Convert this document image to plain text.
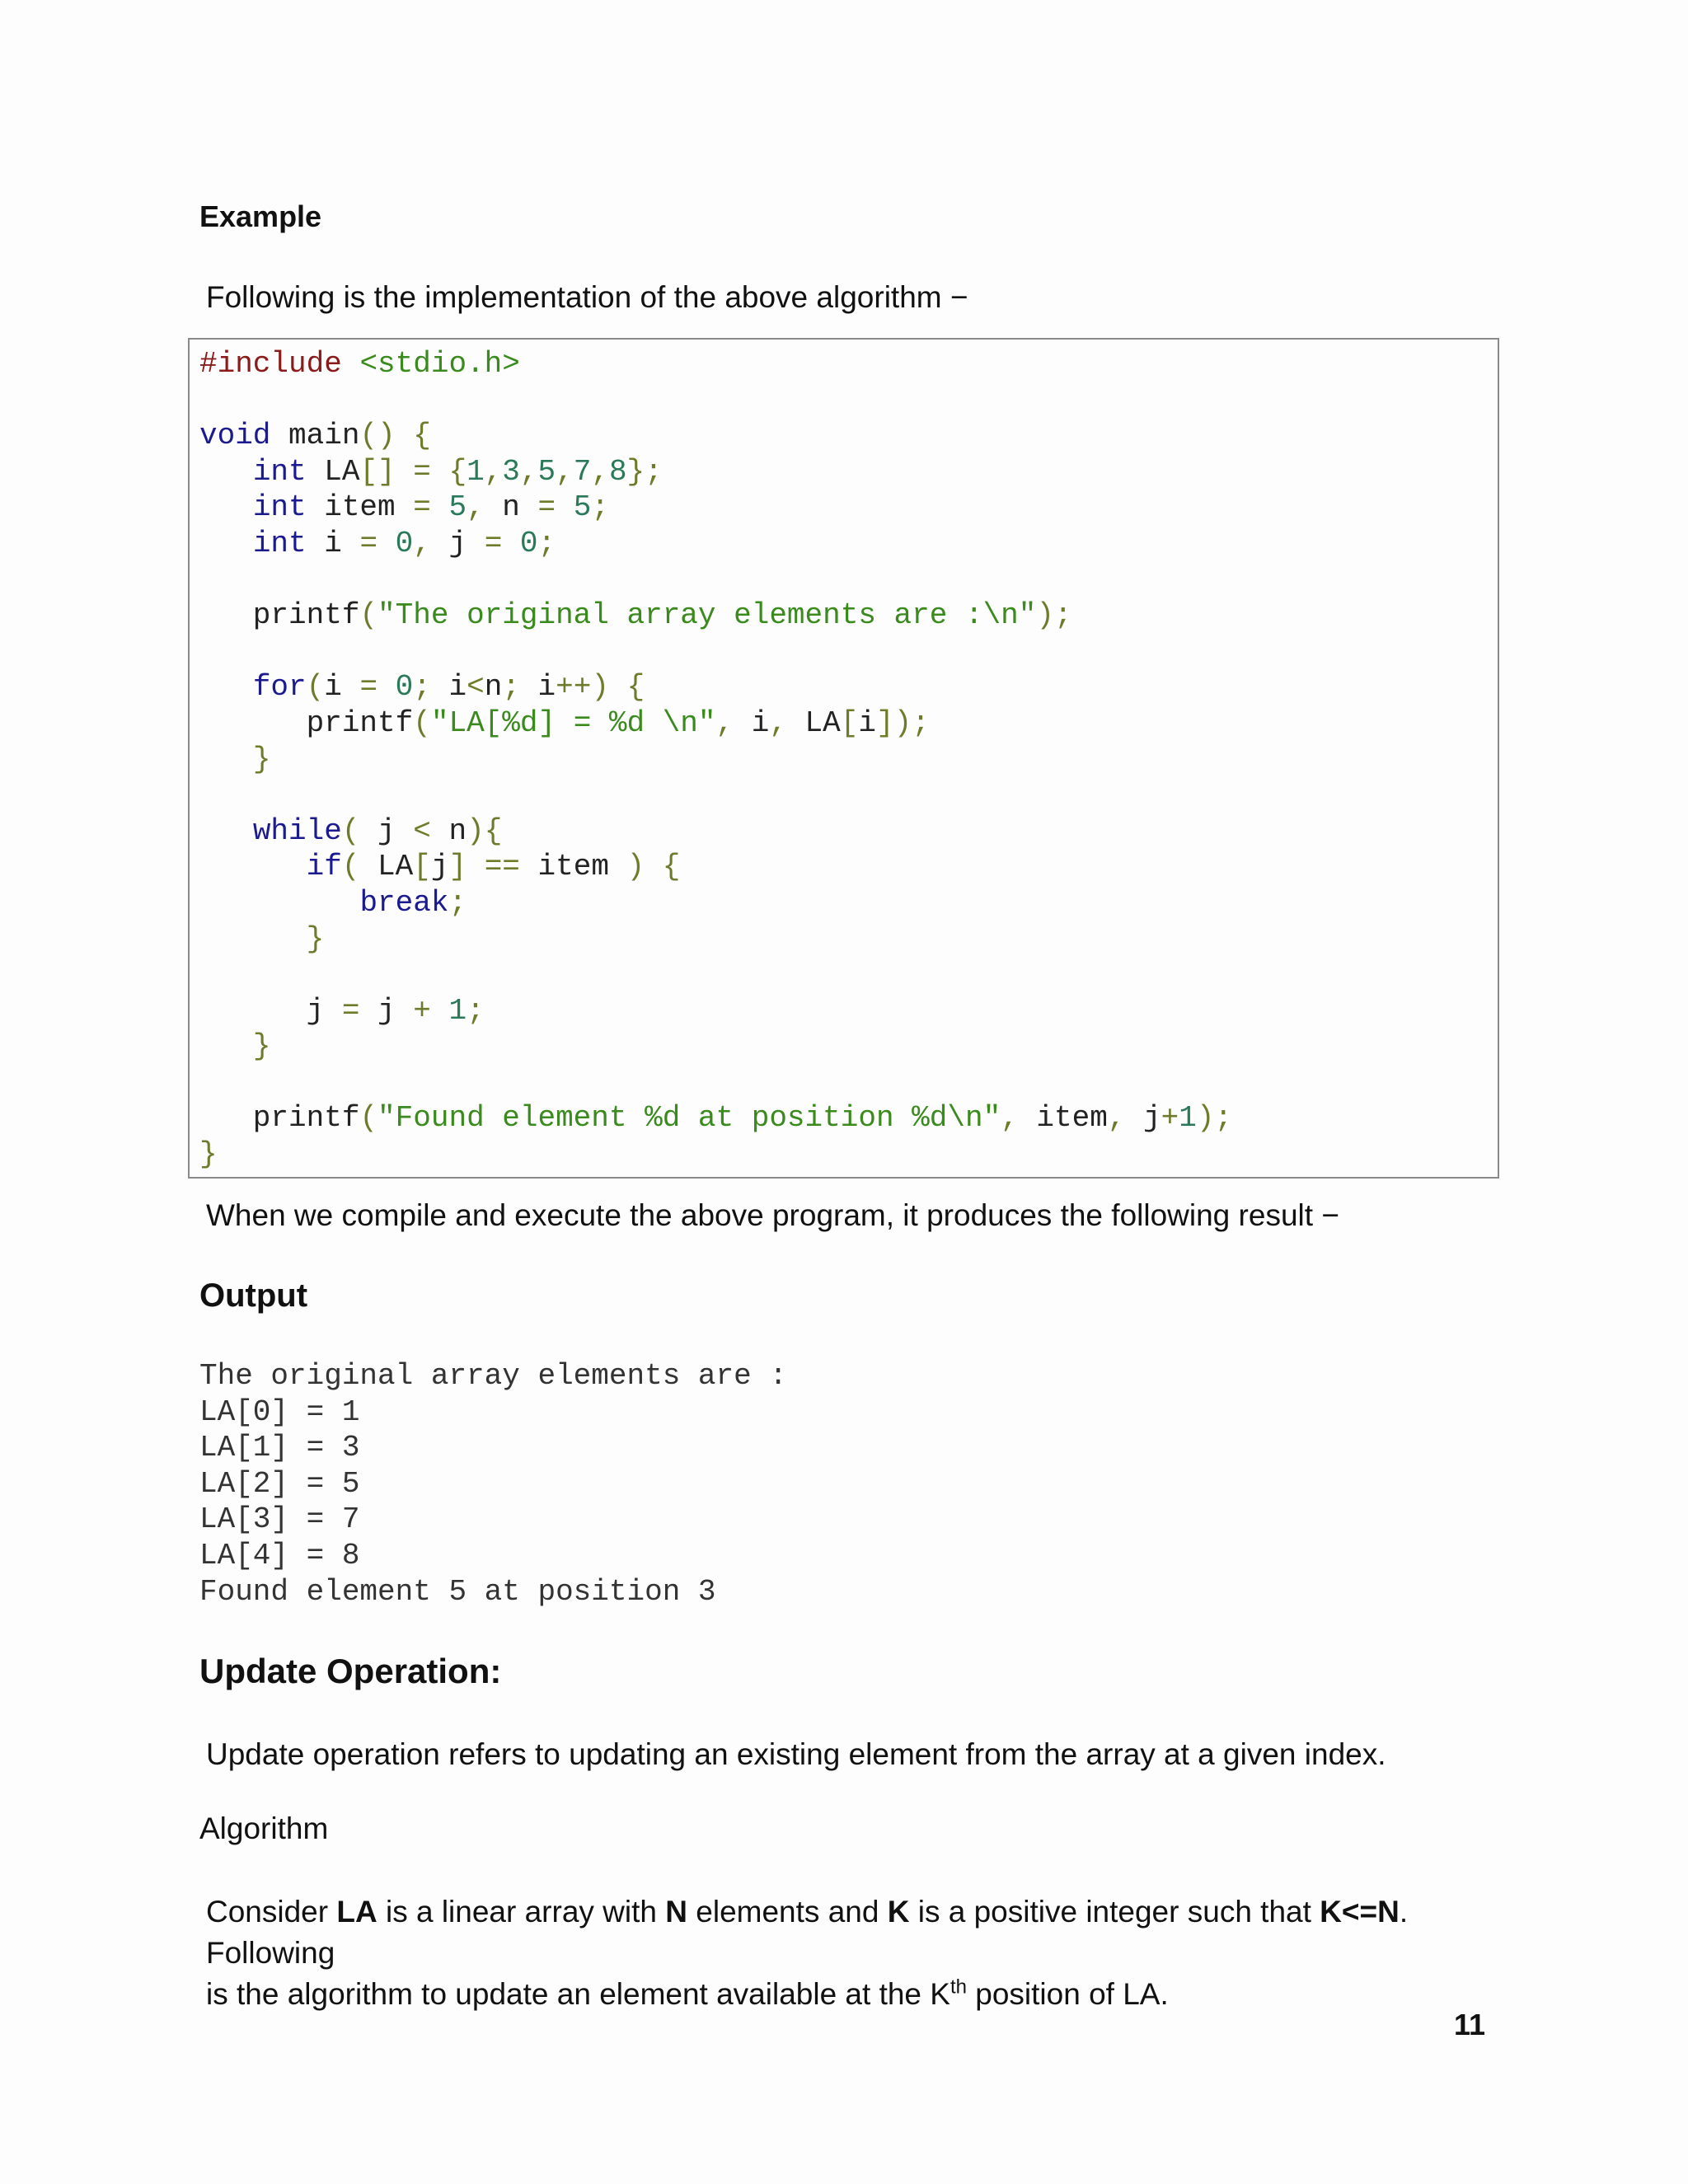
Example
Following is the implementation of the above algorithm −
#include <stdio.h>

void main() {
int LA[] = {1,3,5,7,8};
int item = 5, n = 5;
int i = 0, j = 0;

printf("The original array elements are :\n");

for(i = 0; i<n; i++) {
printf("LA[%d] = %d \n", i, LA[i]);
}

while( j < n){
if( LA[j] == item ) {
break;
}

j = j + 1;
}

printf("Found element %d at position %d\n", item, j+1);
}
When we compile and execute the above program, it produces the following result −
Output
The original array elements are :
LA[0] = 1
LA[1] = 3
LA[2] = 5
LA[3] = 7
LA[4] = 8
Found element 5 at position 3
Update Operation:
Update operation refers to updating an existing element from the array at a given index.
Algorithm
Consider LA is a linear array with N elements and K is a positive integer such that K<=N. Following
is the algorithm to update an element available at the $K^{th}$ position of LA.
11
